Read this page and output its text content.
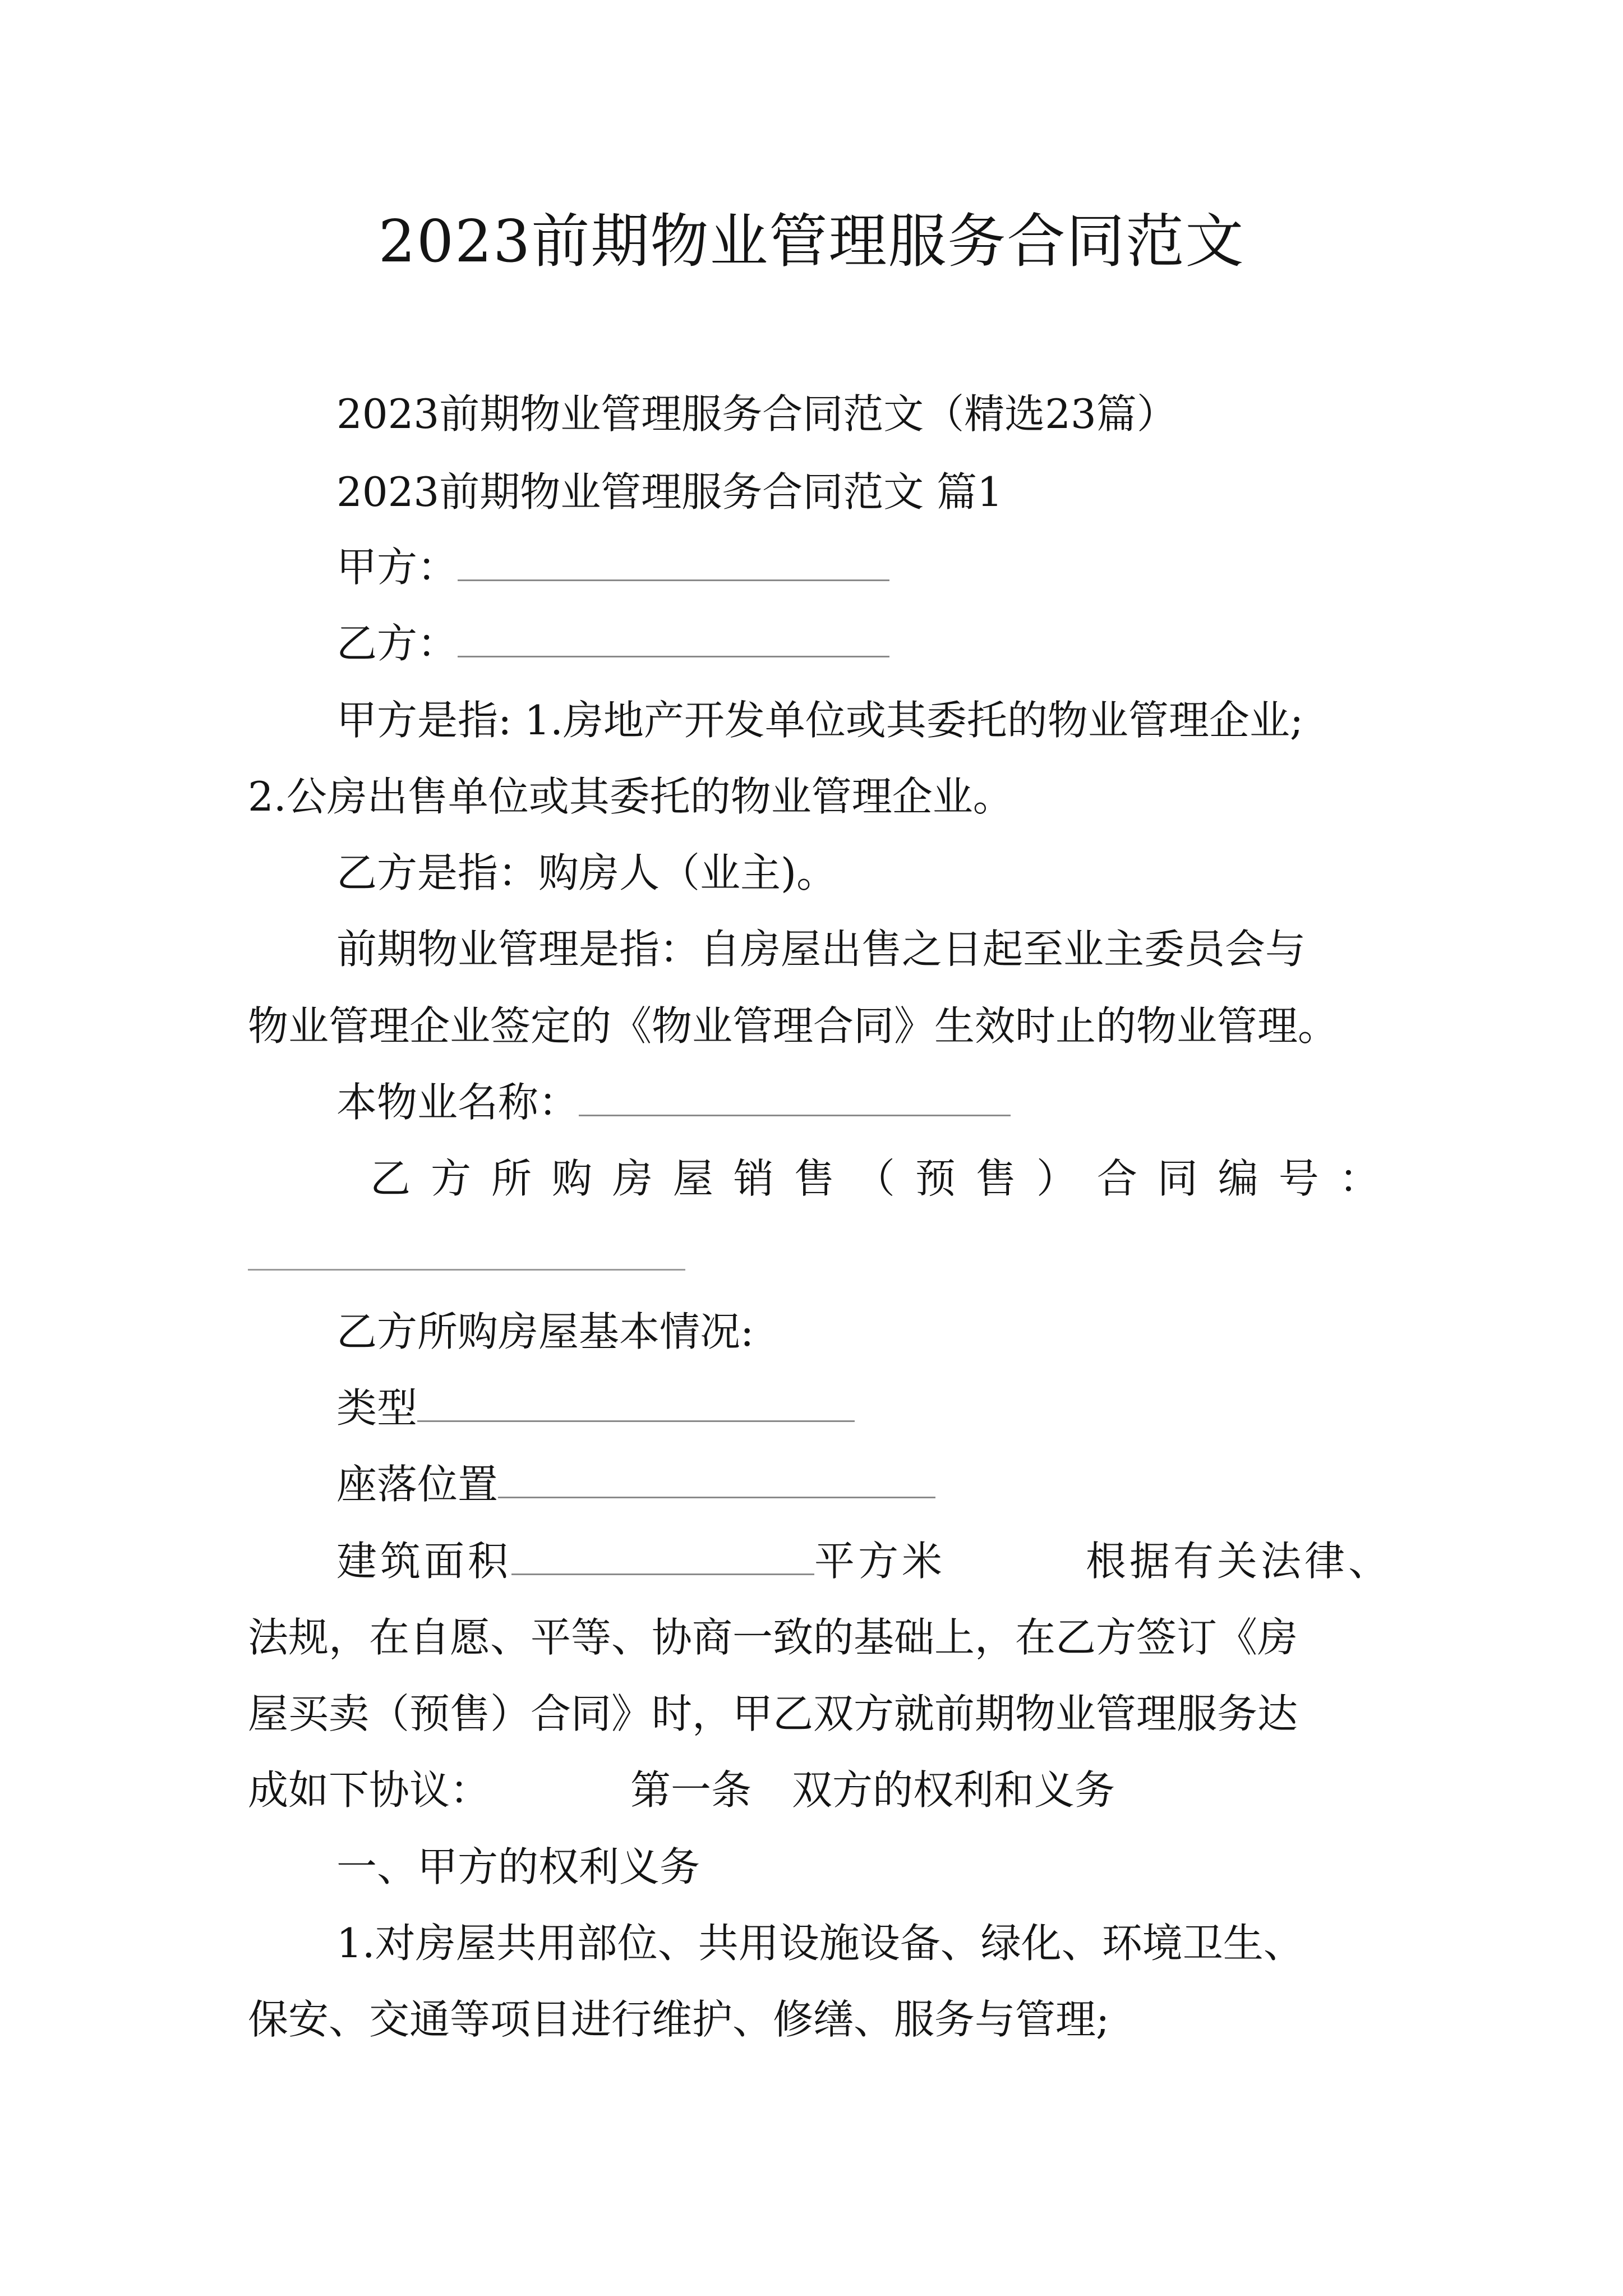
2023前期物业管理服务合同范文
2023前期物业管理服务合同范文（精选23篇）
2023前期物业管理服务合同范文 篇1
甲方：
乙方：
甲方是指: 1.房地产开发单位或其委托的物业管理企业;
2.公房出售单位或其委托的物业管理企业。
乙方是指：购房人（业主)。
前期物业管理是指：自房屋出售之日起至业主委员会与
物业管理企业签定的《物业管理合同》生效时止的物业管理。
本物业名称：
乙 方 所 购 房 屋 销 售 （ 预 售 ） 合 同 编 号 ：
乙方所购房屋基本情况:
类型
座落位置
建筑面积	平方米	根据有关法律、
法规，在自愿、平等、协商一致的基础上，在乙方签订《房
屋买卖（预售）合同》时，甲乙双方就前期物业管理服务达
成如下协议：	第一条　双方的权利和义务
一、甲方的权利义务
1.对房屋共用部位、共用设施设备、绿化、环境卫生、
保安、交通等项目进行维护、修缮、服务与管理;
